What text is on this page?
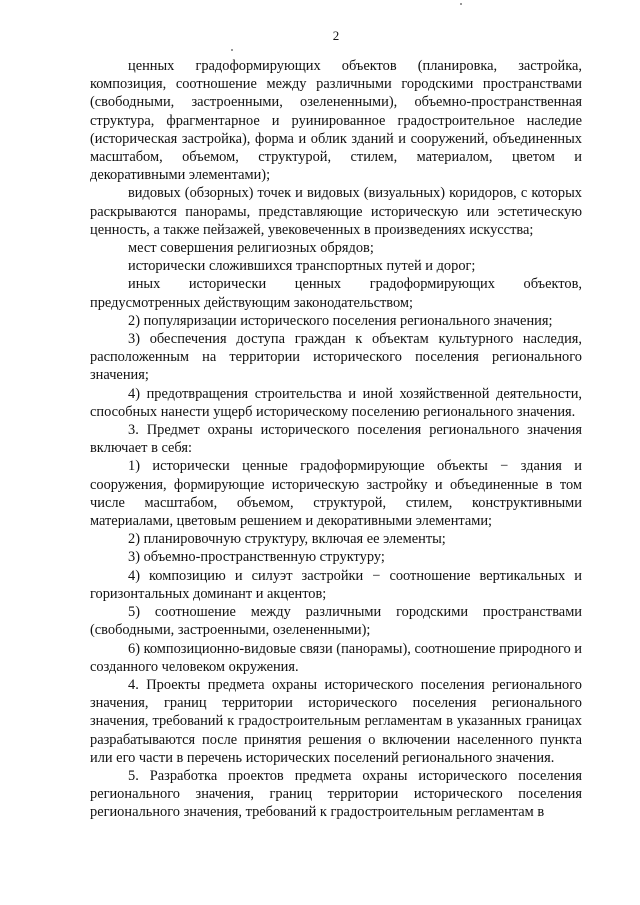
2

ценных градоформирующих объектов (планировка, застройка, композиция, соотношение между различными городскими пространствами (свободными, застроенными, озелененными), объемно-пространственная структура, фрагментарное и руинированное градостроительное наследие (историческая застройка), форма и облик зданий и сооружений, объединенных масштабом, объемом, структурой, стилем, материалом, цветом и декоративными элементами);

видовых (обзорных) точек и видовых (визуальных) коридоров, с которых раскрываются панорамы, представляющие историческую или эстетическую ценность, а также пейзажей, увековеченных в произведениях искусства;

мест совершения религиозных обрядов;

исторически сложившихся транспортных путей и дорог;

иных исторически ценных градоформирующих объектов, предусмотренных действующим законодательством;

2) популяризации исторического поселения регионального значения;

3) обеспечения доступа граждан к объектам культурного наследия, расположенным на территории исторического поселения регионального значения;

4) предотвращения строительства и иной хозяйственной деятельности, способных нанести ущерб историческому поселению регионального значения.

3. Предмет охраны исторического поселения регионального значения включает в себя:

1) исторически ценные градоформирующие объекты − здания и сооружения, формирующие историческую застройку и объединенные в том числе масштабом, объемом, структурой, стилем, конструктивными материалами, цветовым решением и декоративными элементами;

2) планировочную структуру, включая ее элементы;

3) объемно-пространственную структуру;

4) композицию и силуэт застройки − соотношение вертикальных и горизонтальных доминант и акцентов;

5) соотношение между различными городскими пространствами (свободными, застроенными, озелененными);

6) композиционно-видовые связи (панорамы), соотношение природного и созданного человеком окружения.

4. Проекты предмета охраны исторического поселения регионального значения, границ территории исторического поселения регионального значения, требований к градостроительным регламентам в указанных границах разрабатываются после принятия решения о включении населенного пункта или его части в перечень исторических поселений регионального значения.

5. Разработка проектов предмета охраны исторического поселения регионального значения, границ территории исторического поселения регионального значения, требований к градостроительным регламентам в
